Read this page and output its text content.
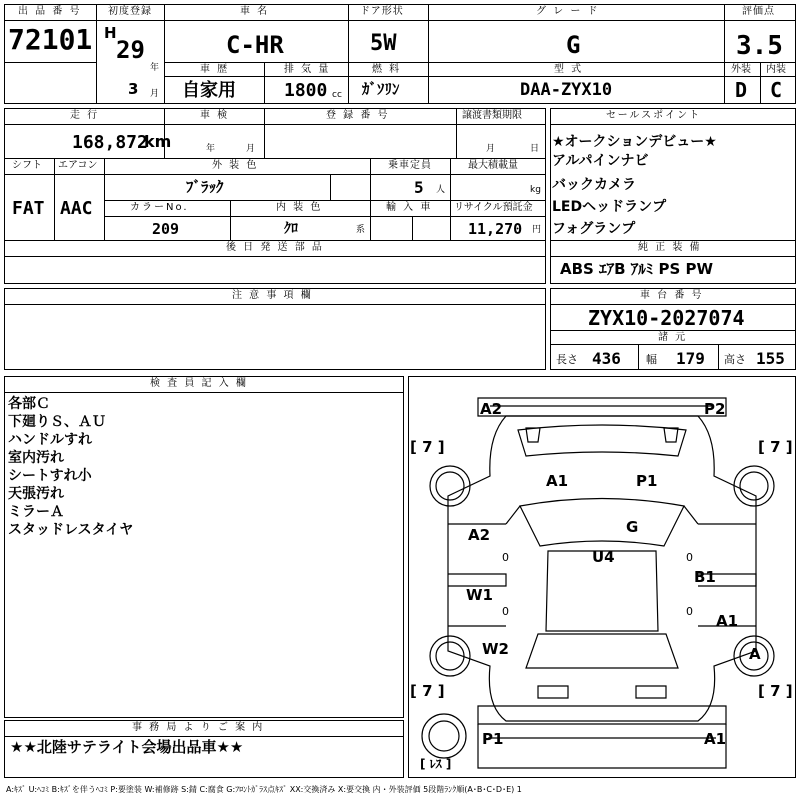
出 品 番 号
72101
初度登録
H
29
年
3 月
車 名
C-HR
ドア形状
5W
グ レ ー ド
G
評価点
3.5
車 歴
自家用
排 気 量
1800 cc
燃 料
ｶﾞｿﾘﾝ
型 式
DAA-ZYX10
外装
D
内装
C
走 行
168,872
km
車 検
年	月
登 録 番 号	譲渡書類期限
月	日
シフト
FAT
エアコン
AAC
外 装 色
ﾌﾞﾗｯｸ
乗車定員
5 人
最大積載量
kg
カラーNo.
209
内 装 色
ｸﾛ	系
輸 入 車 リサイクル預託金
11,270 円
後 日 発 送 部 品
セールスポイント
★オークションデビュー★
アルパインナビ
バックカメラ
LEDヘッドランプ
フォグランプ
純 正 装 備
ABS ｴｱB ｱﾙﾐ PS PW
注 意 事 項 欄	車 台 番 号
ZYX10-2027074
諸 元
長さ 436 幅 179 高さ 155
検 査 員 記 入 欄
各部Ｃ
下廻りＳ、ＡＵ
ハンドルすれ
室内汚れ
シートすれ小
天張汚れ
ミラーＡ
スタッドレスタイヤ
事 務 局 よ り ご 案 内
★★北陸サテライト会場出品車★★
A2	P2
A1	P1
G
U4
A2
W1
W2
B1
A1
A
P1	A1
0
0
0
0
[ 7 ]	[ 7 ]
[ 7 ]	[ 7 ]
[ ﾚｽ ]
A:ｷｽﾞ U:ﾍｺﾐ B:ｷｽﾞを伴うﾍｺﾐ P:要塗装 W:補修跡 S:錆 C:腐食 G:ﾌﾛﾝﾄｶﾞﾗｽ点ｷｽﾞ XX:交換済み X:要交換 内・外装評価 5段階ﾗﾝｸ順(A･B･C･D･E) 1
